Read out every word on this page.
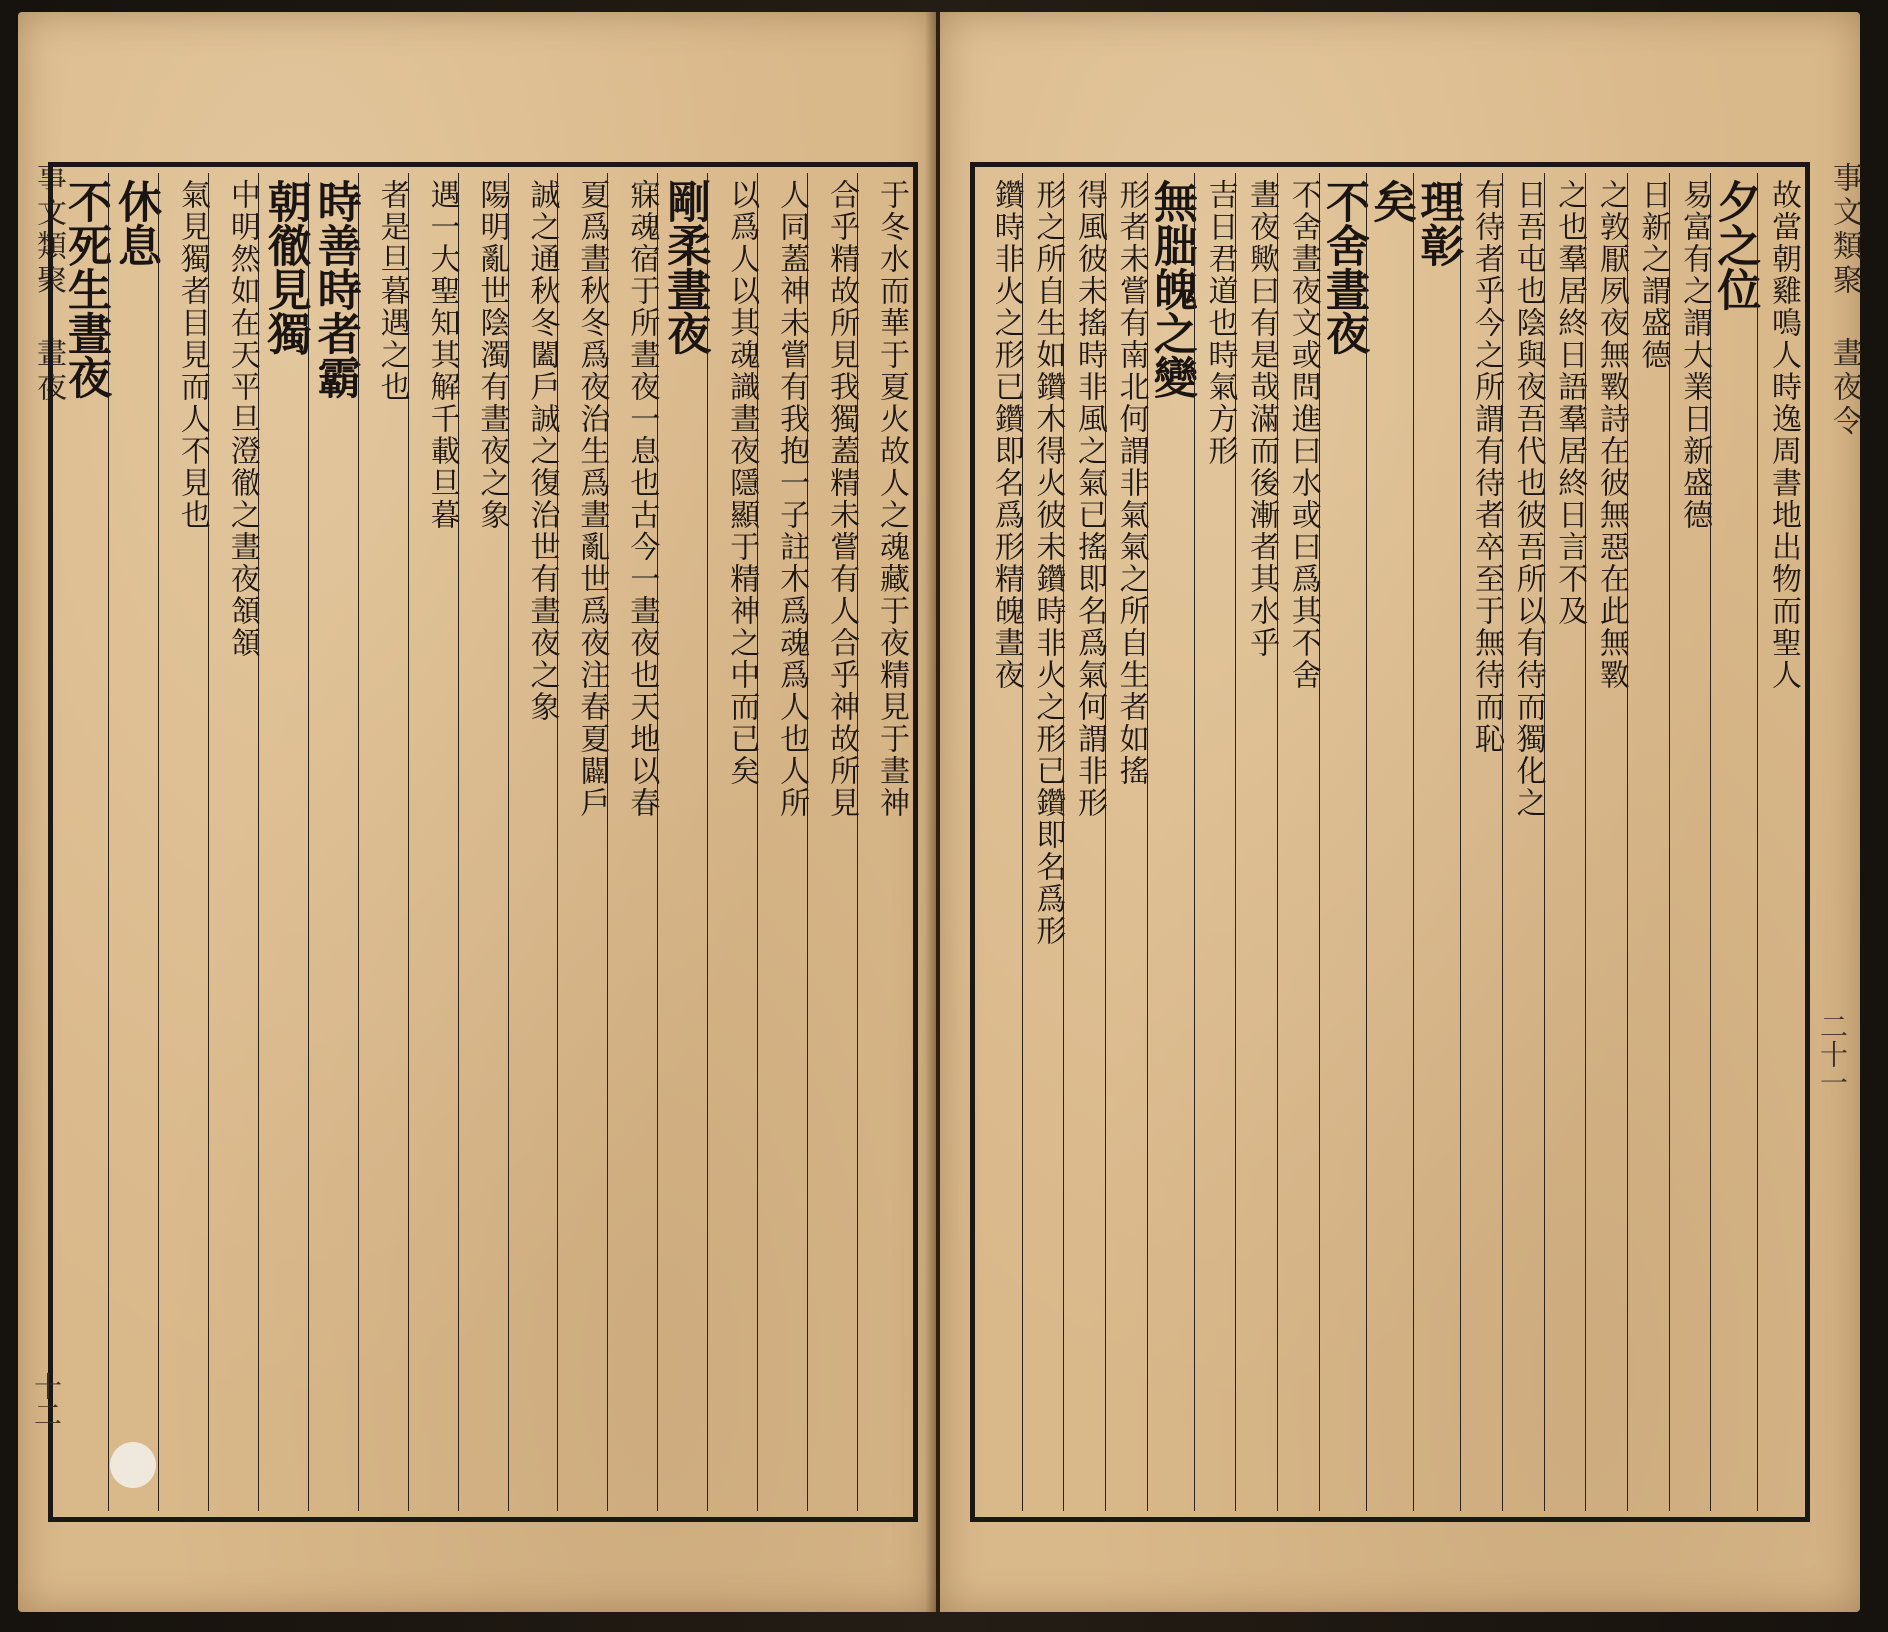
事文類聚 晝夜	于冬水而華于夏火故人之魂藏于夜精見于晝神
合乎精故所見我獨蓋精未嘗有人合乎神故所見
人同蓋神未嘗有我抱一子註木爲魂爲人也人所
以爲人以其魂識晝夜隱顯于精神之中而已矣
剛柔晝夜
寐魂宿于所晝夜一息也古今一晝夜也天地以春
夏爲晝秋冬爲夜治生爲晝亂世爲夜注春夏闢戶
誠之通秋冬闔戶誠之復治世有晝夜之象
陽明亂世陰濁有晝夜之象
遇一大聖知其解千載旦暮
者是旦暮遇之也
時善時者霸
朝徹見獨
中明然如在天平旦澄徹之晝夜頷頷
氣見獨者目見而人不見也
休息
不死生晝夜
十二
事文類聚 晝夜令
故當朝雞鳴人時逸周書地出物而聖人
夕之位
易富有之謂大業日新盛德
日新之謂盛德
之敦厭夙夜無斁詩在彼無惡在此無斁
之也羣居終日語羣居終日言不及
日吾屯也陰與夜吾代也彼吾所以有待而獨化之
有待者乎今之所謂有待者卒至于無待而恥
理彰
矣
不舍晝夜
不舍晝夜文或問進曰水或曰爲其不舍
晝夜歟曰有是哉滿而後漸者其水乎
吉日君道也時氣方形
無朏魄之變
形者未嘗有南北何謂非氣氣之所自生者如搖
得風彼未搖時非風之氣已搖即名爲氣何謂非形
形之所自生如鑽木得火彼未鑽時非火之形已鑽即名爲形
鑽時非火之形已鑽即名爲形精魄晝夜
二十一
